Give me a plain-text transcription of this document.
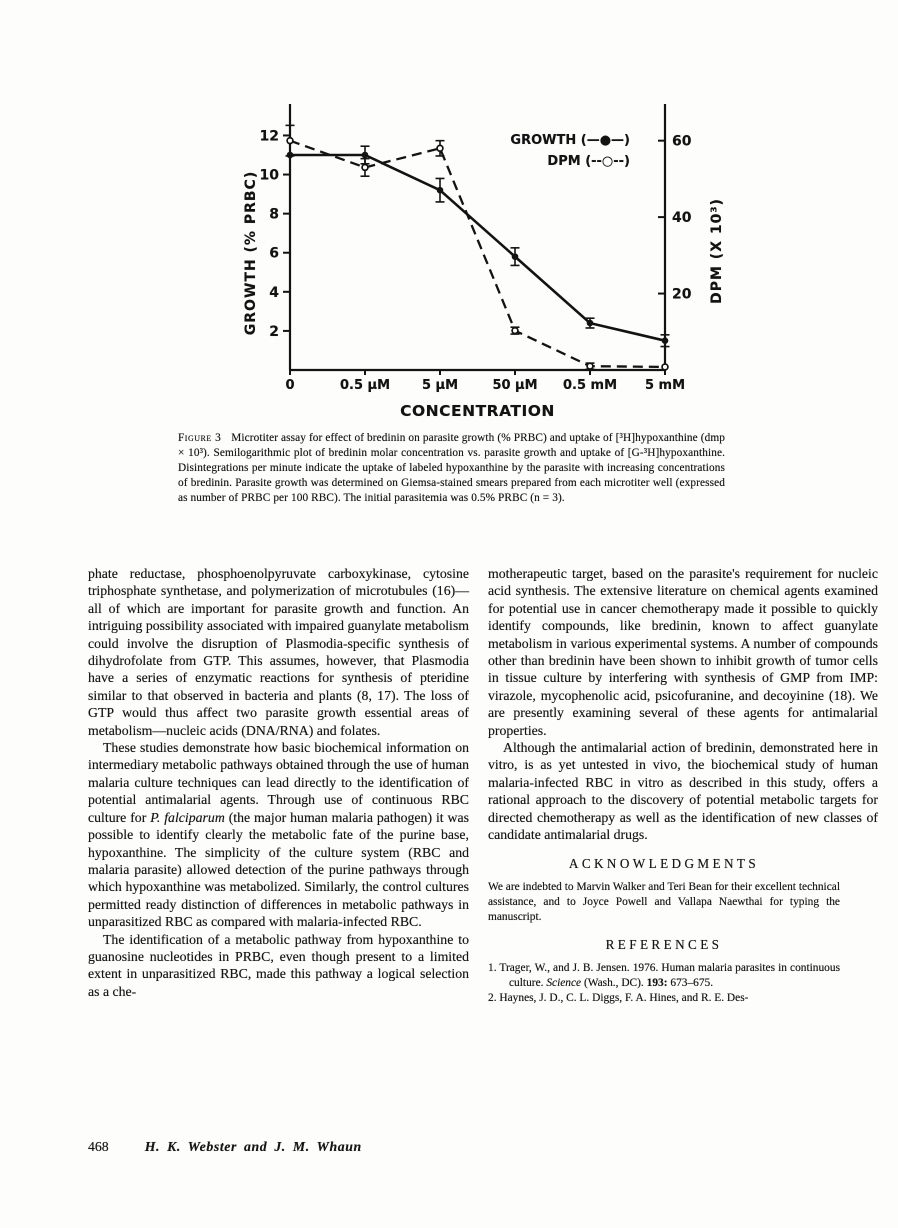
2
4
6
8
10
12
20
40
60
0	0.5 μM 5 μM	50 μM 0.5 mM 5 mM
GROWTH (% PRBC)	DPM (X 10³)
CONCENTRATION
GROWTH (—●—)
DPM (--○--)
Figure 3 Microtiter assay for effect of bredinin on parasite growth (% PRBC) and uptake of [³H]hypoxanthine (dmp × 10³). Semilogarithmic plot of bredinin molar concentration vs. parasite growth and uptake of [G-³H]hypoxanthine. Disintegrations per minute indicate the uptake of labeled hypoxanthine by the parasite with increasing concentrations of bredinin. Parasite growth was determined on Giemsa-stained smears prepared from each microtiter well (expressed as number of PRBC per 100 RBC). The initial parasitemia was 0.5% PRBC (n = 3).

phate reductase, phosphoenolpyruvate carboxykinase, cytosine triphosphate synthetase, and polymerization of microtubules (16)—all of which are important for parasite growth and function. An intriguing possibility associated with impaired guanylate metabolism could involve the disruption of Plasmodia-specific synthesis of dihydrofolate from GTP. This assumes, however, that Plasmodia have a series of enzymatic reactions for synthesis of pteridine similar to that observed in bacteria and plants (8, 17). The loss of GTP would thus affect two parasite growth essential areas of metabolism—nucleic acids (DNA/RNA) and folates.

These studies demonstrate how basic biochemical information on intermediary metabolic pathways obtained through the use of human malaria culture techniques can lead directly to the identification of potential antimalarial agents. Through use of continuous RBC culture for P. falciparum (the major human malaria pathogen) it was possible to identify clearly the metabolic fate of the purine base, hypoxanthine. The simplicity of the culture system (RBC and malaria parasite) allowed detection of the purine pathways through which hypoxanthine was metabolized. Similarly, the control cultures permitted ready distinction of differences in metabolic pathways in unparasitized RBC as compared with malaria-infected RBC.

The identification of a metabolic pathway from hypoxanthine to guanosine nucleotides in PRBC, even though present to a limited extent in unparasitized RBC, made this pathway a logical selection as a che-

motherapeutic target, based on the parasite's requirement for nucleic acid synthesis. The extensive literature on chemical agents examined for potential use in cancer chemotherapy made it possible to quickly identify compounds, like bredinin, known to affect guanylate metabolism in various experimental systems. A number of compounds other than bredinin have been shown to inhibit growth of tumor cells in tissue culture by interfering with synthesis of GMP from IMP: virazole, mycophenolic acid, psicofuranine, and decoyinine (18). We are presently examining several of these agents for antimalarial properties.

Although the antimalarial action of bredinin, demonstrated here in vitro, is as yet untested in vivo, the biochemical study of human malaria-infected RBC in vitro as described in this study, offers a rational approach to the discovery of potential metabolic targets for directed chemotherapy as well as the identification of new classes of candidate antimalarial drugs.

ACKNOWLEDGMENTS

We are indebted to Marvin Walker and Teri Bean for their excellent technical assistance, and to Joyce Powell and Vallapa Naewthai for typing the manuscript.

REFERENCES
1. Trager, W., and J. B. Jensen. 1976. Human malaria parasites in continuous culture. Science (Wash., DC). 193: 673–675.
2. Haynes, J. D., C. L. Diggs, F. A. Hines, and R. E. Des-
468	H. K. Webster and J. M. Whaun
